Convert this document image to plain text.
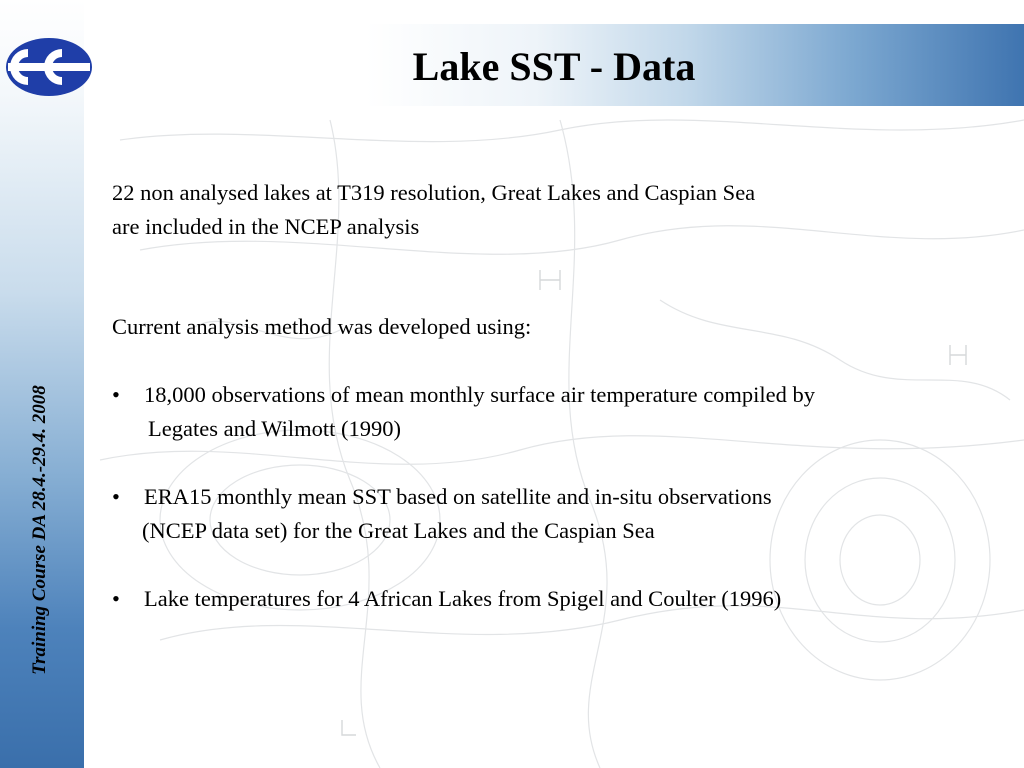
Lake SST - Data
Training Course DA 28.4.-29.4. 2008

22 non analysed lakes at T319 resolution, Great Lakes and Caspian Sea

are included in the NCEP analysis

Current analysis method was developed using:

• 18,000 observations of mean monthly surface air temperature compiled by

Legates and Wilmott (1990)

• ERA15 monthly mean SST based on satellite and in-situ observations

(NCEP data set) for the Great Lakes and the Caspian Sea

• Lake temperatures for 4 African Lakes from Spigel and Coulter (1996)
